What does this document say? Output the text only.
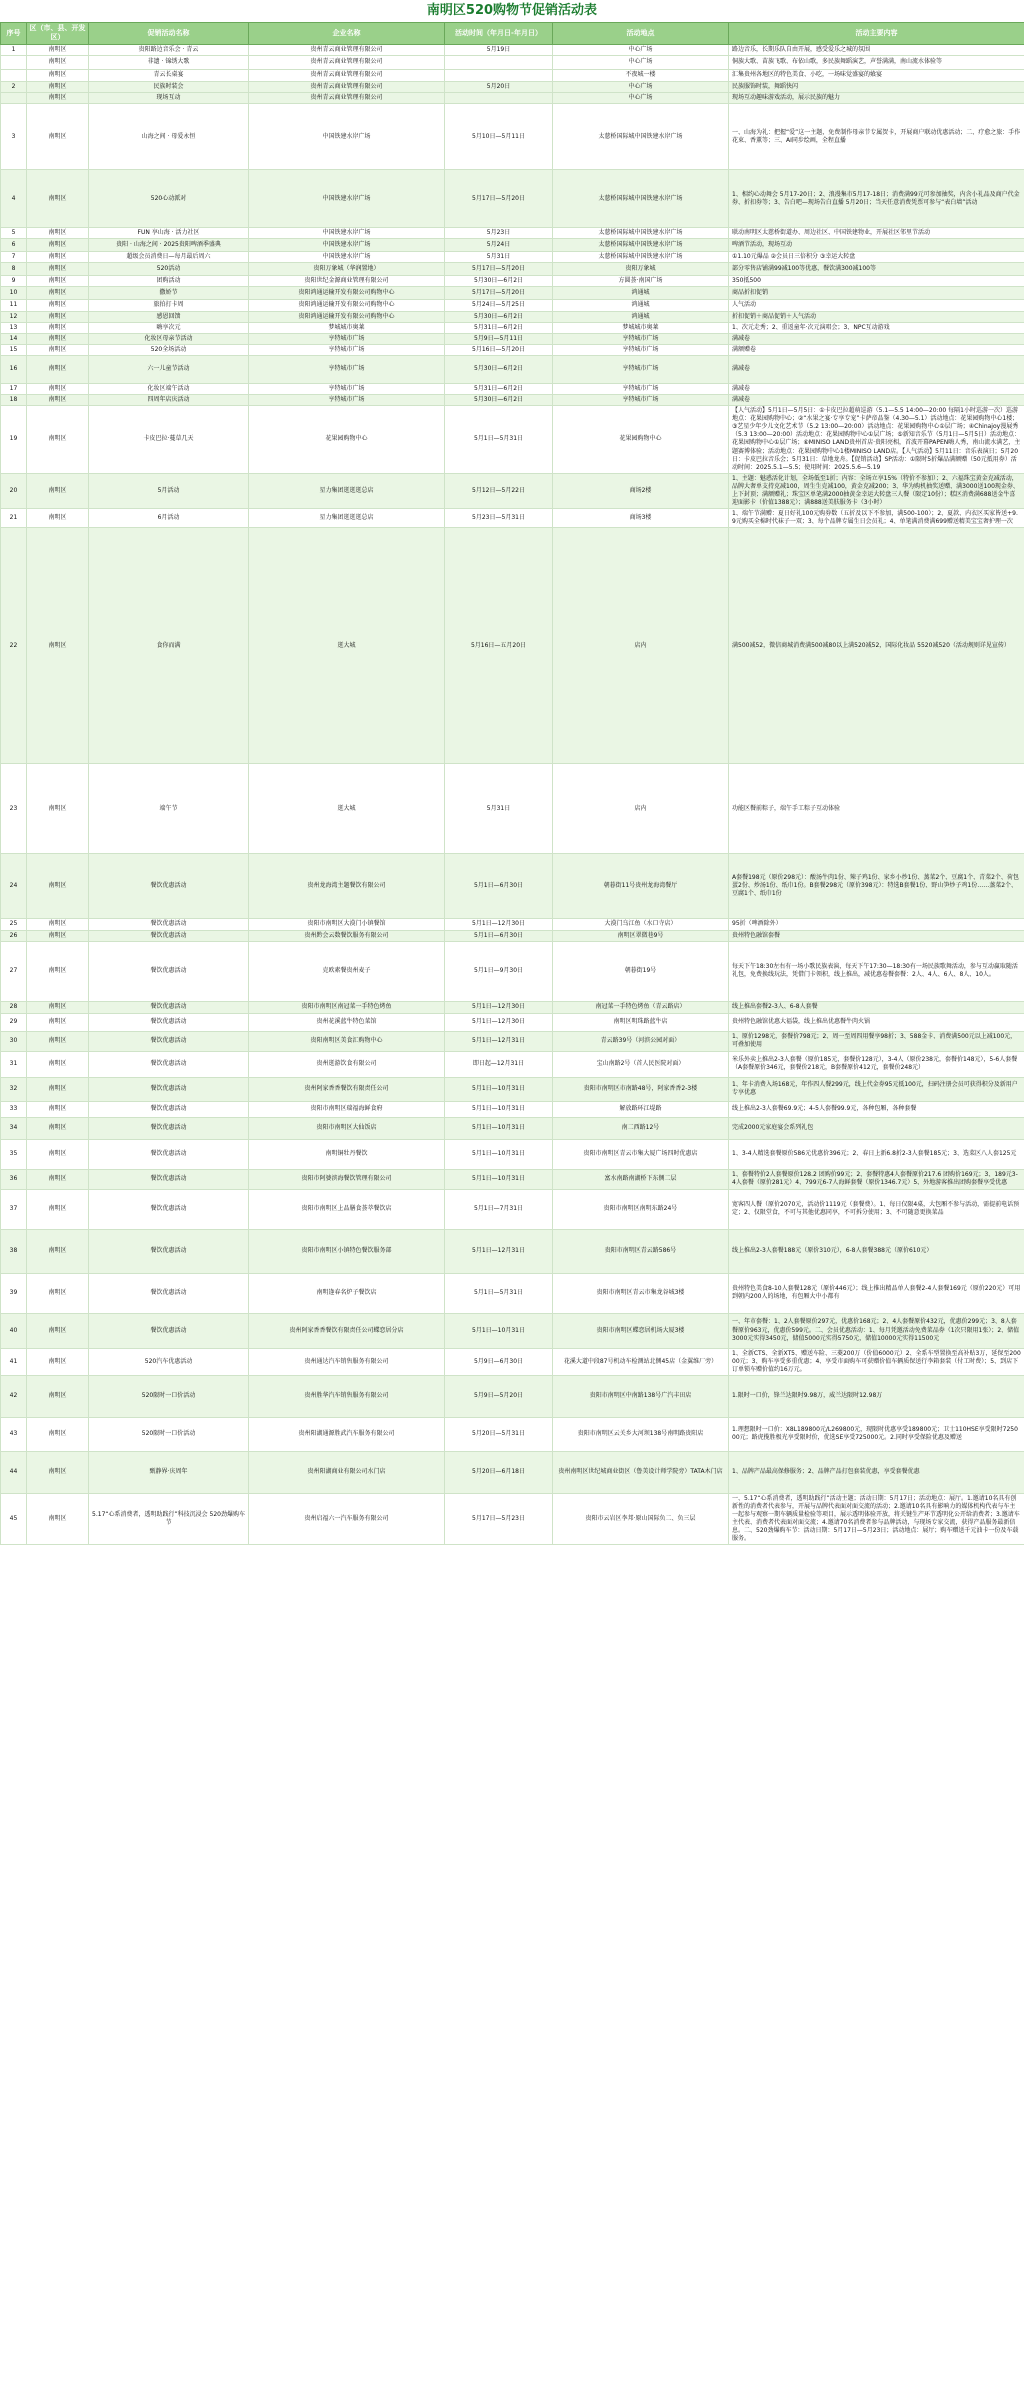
南明区520购物节促销活动表
序号	区（市、县、开发区）	促销活动名称	企业名称	活动时间（年月日-年月日）	活动地点	活动主要内容
1	南明区	贵阳路边音乐会 · 青云	贵州青云商业管理有限公司	5月19日	中心广场	路边音乐，长期乐队自由开展，感受爱乐之城的氛围
	南明区	非遗 · 锦绣大歌	贵州青云商业管理有限公司		中心广场	侗族大歌、苗族飞歌、布依山歌，多民族舞蹈演艺，声誉满满，南山流水体验等
	南明区	青云长桌宴	贵州青云商业管理有限公司		不夜城一楼	汇集贵州各地区的特色美食、小吃，一场味觉盛宴的飨宴
2	南明区	民族时装会	贵州青云商业管理有限公司	5月20日	中心广场	民族服饰时装，舞蹈快闪
	南明区	现场互动	贵州青云商业管理有限公司		中心广场	现场互动趣味游戏活动，展示民族的魅力
3	南明区	山海之间 · 母爱永恒	中国铁建水岸广场	5月10日—5月11日	太慈桥国际城中国铁建水岸广场	一、山海为礼：把握“爱”这一主题，免费制作母亲节专属贺卡，开展商户联动优惠活动；二、疗愈之旅：手作花束、香薰等；三、AI同步绘画，全程直播
4	南明区	520心动派对	中国铁建水岸广场	5月17日—5月20日	太慈桥国际城中国铁建水岸广场	1、相约心动舞会 5月17-20日；2、浪漫集市5月17-18日；消费满99元可参加抽奖，内含小礼品及商户代金券、折扣券等；3、告白吧—现场告白直播 5月20日；当天任意消费凭票可参与“表白墙”活动
5	南明区	FUN 享山海 · 活力社区	中国铁建水岸广场	5月23日	太慈桥国际城中国铁建水岸广场	联动南明区太慈桥街道办、周边社区、中国铁建物业，开展社区邻里节活动
6	南明区	贵阳 · 山海之间 · 2025贵阳啤酒季盛典	中国铁建水岸广场	5月24日	太慈桥国际城中国铁建水岸广场	啤酒节活动，现场互动
7	南明区	超级会员消费日—每月最后周六	中国铁建水岸广场	5月31日	太慈桥国际城中国铁建水岸广场	①1.10元爆品 ②会员日三倍积分 ③幸运大转盘
8	南明区	520活动	贵阳万象城（华润置地）	5月17日—5月20日	贵阳万象城	部分零售店铺满99减100等优惠，餐饮满300减100等
9	南明区	团购活动	贵阳世纪金源商业管理有限公司	5月30日—6月2日	方圆荟·南国广场	350抵500
10	南明区	撒娇节	贵阳鸿通运输开发有限公司购物中心	5月17日—5月20日	鸿通城	商品折扣促销
11	南明区	旅拍打卡周	贵阳鸿通运输开发有限公司购物中心	5月24日—5月25日	鸿通城	人气活动
12	南明区	感恩回馈	贵阳鸿通运输开发有限公司购物中心	5月30日—6月2日	鸿通城	折扣促销＋商品促销＋人气活动
13	南明区	嗨享次元	梦城城市奥莱	5月31日—6月2日	梦城城市奥莱	1、次元走秀；2、重返童年·次元演唱会；3、NPC互动游戏
14	南明区	化妆区母亲节活动	亨特城市广场	5月9日—5月11日	亨特城市广场	满减卷
15	南明区	520全场活动	亨特城市广场	5月16日—5月20日	亨特城市广场	满额赠卷
16	南明区	六一儿童节活动	亨特城市广场	5月30日—6月2日	亨特城市广场	满减卷
17	南明区	化妆区端午活动	亨特城市广场	5月31日—6月2日	亨特城市广场	满减卷
18	南明区	四周年店庆活动	亨特城市广场	5月30日—6月2日	亨特城市广场	满减卷
19	南明区	卡皮巴拉·蔓草几天	花果园购物中心	5月1日—5月31日	花果园购物中心	【人气活动】5月1日—5月5日：①卡皮巴拉超萌巡游（5.1—5.5 14:00—20:00 每隔1小时巡游一次）巡游地点：花果园购物中心；②“水果之宴·专享专宠”卡萨帝品鉴（4.30—5.1）活动地点：花果园购物中心1楼；③艺星少年少儿文化艺术节（5.2 13:00—20:00）活动地点：花果园购物中心①层广场；④Chinajoy漫展秀（5.3 13:00—20:00）活动地点：花果园购物中心①层广场；⑤新知音乐节（5月1日—5月5日）活动地点：花果园购物中心①层广场；⑥MINISO LAND贵州首店·贵阳亮相，首波开幕PAPEN嗨人秀，南山流水满艺，主题赛博体验；活动地点：花果园购物中心1楼MINISO LAND店。【人气活动】5月11日：音乐表演日；5月20日：卡皮巴拉音乐会；5月31日：草地龙舟。【促销活动】SP活动：①限时5折爆品满额赠（50元抵用券）活动时间：2025.5.1—5.5；使用时间：2025.5.6—5.19
20	南明区	5月活动	星力集团逛逛逛总店	5月12日—5月22日	商场2楼	1、主题：魅惑活化计划，全场低至1折；内容：全场立享15%（特价不参加）；2、六福珠宝黄金克减活动，品牌大奢单支持克减100，周生生克减100，黄金克减200；3、华为购机抽奖送赠、满3000送100现金券、上下封顶；满额赠礼；珠宝区单笔满2000抽黄金幸运大转盘三人餐（限定10份）；糕区消费满688送金牛喜迎面影卡（价值1388元）；满888送美肤服务卡（3小时）
21	南明区	6月活动	星力集团逛逛逛总店	5月23日—5月31日	商场3楼	1、端午节满赠：夏日好礼100元购券数（五折及以下不参加，满500-100）；2、夏款、内衣区买家皆送+9.9元购买全棉时代袜子一双；3、每个品牌专属生日会员礼；4、单笔满消费满699赠送精美宝宝奢护理一次
22	南明区	食你而满	逛大城	5月16日—五月20日	店内	满500减52，微信商城消费满500减80以上满520减52，国际化妆品 5520减520（活动规则详见宣传）
23	南明区	端午节	逛大城	5月31日	店内	功能区餐前粽子，端午手工粽子互动体验
24	南明区	餐饮优惠活动	贵州龙海湾主题餐饮有限公司	5月1日—6月30日	朝暮街11号贵州龙海湾餐厅	A套餐198元（原价298元）：酸汤牛肉1份、辣子鸡1份、家乡小炒1份、蒸菜2个、豆腐1个、青菜2个、荷包蛋2份、炒汤1份、纸巾1份。B套餐298元（原价398元）：特选B套餐1份、野山笋炒子鸡1份……蒸菜2个、豆腐1个、纸巾1份
25	南明区	餐饮优惠活动	贵阳市南明区大漠门小镇餐馆	5月1日—12月30日	大漠门乌江鱼（水口寺店）	95折（啤酒除外）
26	南明区	餐饮优惠活动	贵州黔会云数餐饮服务有限公司	5月1日—6月30日	南明区翠微巷9号	贵州特色融馆套餐
27	南明区	餐饮优惠活动	克欧素餐贵州麦子	5月1日—9月30日	朝暮街19号	每天下午18:30左右有一场小歌民族表演，每天下午17:30—18:30有一场民族歌舞活动，参与互动赢取随活礼包，免费换线玩法，凭借门卡领积，线上推出，减优惠卷餐套餐：2人、4人、6人、8人、10人。
28	南明区	餐饮优惠活动	贵阳市南明区南冠菜一手特色烤鱼	5月1日—12月30日	南冠菜一手特色烤鱼（青云路店）	线上推出套餐2-3人、6-8人套餐
29	南明区	餐饮优惠活动	贵州花溪蓝牛特色菜馆	5月1日—12月30日	南明区明珠路蓝牛店	贵州特色融馆优惠大福袋，线上推出优惠餐牛肉火锅
30	南明区	餐饮优惠活动	贵阳南明区美食汇购物中心	5月1日—12月31日	青云路39号（河滨公园对面）	1、原价1298元，套餐价798元；2、周一至周四用餐享98折；3、588金卡、消费满500元以上减100元，可叠加使用
31	南明区	餐饮优惠活动	贵州逛游饮食有限公司	即日起—12月31日	宝山南路2号（首人民医院对面）	米乐外卖上推出2-3人套餐（原价185元，套餐价128元），3-4人（原价238元，套餐价148元），5-6人套餐（A套餐原价346元，套餐价218元，B套餐原价412元，套餐价248元）
32	南明区	餐饮优惠活动	贵州阿家香香餐饮有限责任公司	5月1日—10月31日	贵阳市南明区市南路48号，阿家香香2-3楼	1、年卡消费入场168元，年作四人餐299元，线上代金券95元抵100元，扫码注册会员可获得积分及新用户专享优惠
33	南明区	餐饮优惠活动	贵阳市南明区瑞福海鲜食府	5月1日—10月31日	解放路环江堤路	线上推出2-3人套餐69.9元；4-5人套餐99.9元，各种包厢，各种套餐
34	南明区	餐饮优惠活动	贵阳市南明区大仙饭店	5月1日—10月31日	南二西路12号	完成2000元家庭宴会系列礼包
35	南明区	餐饮优惠活动	南明铜牡丹餐饮	5月1日—10月31日	贵阳市南明区青云市集大厦广场四时优惠店	1、3-4人精选套餐原价586元优惠价396元；2、春日上新6.8折2-3人套餐185元；3、选菜区八人套125元
36	南明区	餐饮优惠活动	贵阳市阿婆滨海餐饮管理有限公司	5月1日—10月31日	富水南路南湖桥下东侧二层	1、套餐特价2人套餐原价128.2 团购价99元；2、套餐特惠4人套餐原价217.6 团购价169元；3、189元3-4人套餐（原价281元）4、799元6-7人海鲜套餐（原价1346.7元）5、外地游客推出团购套餐享受优惠
37	南明区	餐饮优惠活动	贵阳市南明区上品膳食荟萃餐饮店	5月1日—7月31日	贵阳市南明区南明东路24号	宽客四人餐（原价2070元，活动价1119元（套餐费）。1、每日仅限4桌，大包厢不参与活动，需提前电话预定；2、仅限堂食，不可与其他优惠同享，不可拆分使用；3、不可随意更换菜品
38	南明区	餐饮优惠活动	贵阳市南明区小镇特色餐饮服务部	5月1日—12月31日	贵阳市南明区青云路586号	线上推出2-3人套餐188元（原价310元），6-8人套餐388元（原价610元）
39	南明区	餐饮优惠活动	南明逢春名炉子餐饮店	5月1日—5月31日	贵阳市南明区青云市集龙谷城3楼	贵州特色美食8-10人套餐128元（原价446元）；线上推出精品单人套餐2-4人套餐169元（原价220元）可用到朝内200人的场地，有包厢大中小都有
40	南明区	餐饮优惠活动	贵州阿家香香餐饮有限责任公司蝶恋居分店	5月1日—10月31日	贵阳市南明区蝶恋居机场大厦3楼	一、年市套餐：1、2人套餐原价297元，优惠价168元；2、4人套餐原价432元，优惠价299元；3、8人套餐原价963元，优惠价599元。二、会员优惠活动：1、每月凭邀活动免费菜品券（1次只限用1张）；2、储值3000元实得3450元，储值5000元实得5750元，储值10000元实得11500元
41	南明区	520汽车优惠活动	贵州通达汽车销售服务有限公司	5月9日—6月30日	花溪大道中段87号机动车检测站北侧45店（金翼维厂旁）	1、全新CTS、全新XT5、赠送车险、三菱200万（价值6000元）2、全系车型置换至高补贴3万，延保至20000元；3、购车享受多重优惠；4、享受市面购车可获赠价值车辆质保送行李箱套装（付工时费）；5、到店下订单锁车赠价值约16万元。
42	南明区	520限时一口价活动	贵州胜华汽车销售服务有限公司	5月9日—5月20日	贵阳市南明区中南路138号广汽丰田店	1.限时一口价，锋兰达限时9.98万，威兰达限时12.98万
43	南明区	520限时一口价活动	贵州阳湖通源胜武汽车服务有限公司	5月20日—5月31日	贵阳市南明区云关乡大河坝138号南明路贵阳店	1.理想限时一口价：X8L189800元/L269800元，现限时优惠享受189800元；卫士110HSE享受限时725000元；路虎揽胜极光享受限时价，优选SE享受725000元。2.同时享受保险优惠及赠送
44	南明区	甄静界·庆周年	贵州阳湖商业有限公司水门店	5月20日—6月18日	贵州南明区世纪城商业街区（鲁美设计师学院旁）TATA木门店	1、品牌产品最高保修服务；2、品牌产品打包套装优惠，享受套餐优惠
45	南明区	5.17“心系消费者，透明助践行”科技沉浸会 520劲爆购车节	贵州启福六一汽车服务有限公司	5月17日—5月23日	贵阳市云岩区李邦·原山国际负二、负三层	一、5.17“心系消费者，透明助践行”活动主题；活动日期：5月17日；活动地点：展厅。1.邀请10名具有创新性的消费者代表参与，开展与品牌代表面对面交流的活动；2.邀请10名具有影响力的媒体机构代表与车主一起参与观察一期车辆质量检验等项目，展示透明体验开放，将关键生产环节透明化公开给消费者；3.邀请车主代表、消费者代表面对面交流；4.邀请70名消费者参与品牌活动，与现场专家交流，获得产品服务最新信息。二、520劲爆购车节：活动日期：5月17日—5月23日；活动地点：展厅；购车赠送千元油卡一份及车载服务。
